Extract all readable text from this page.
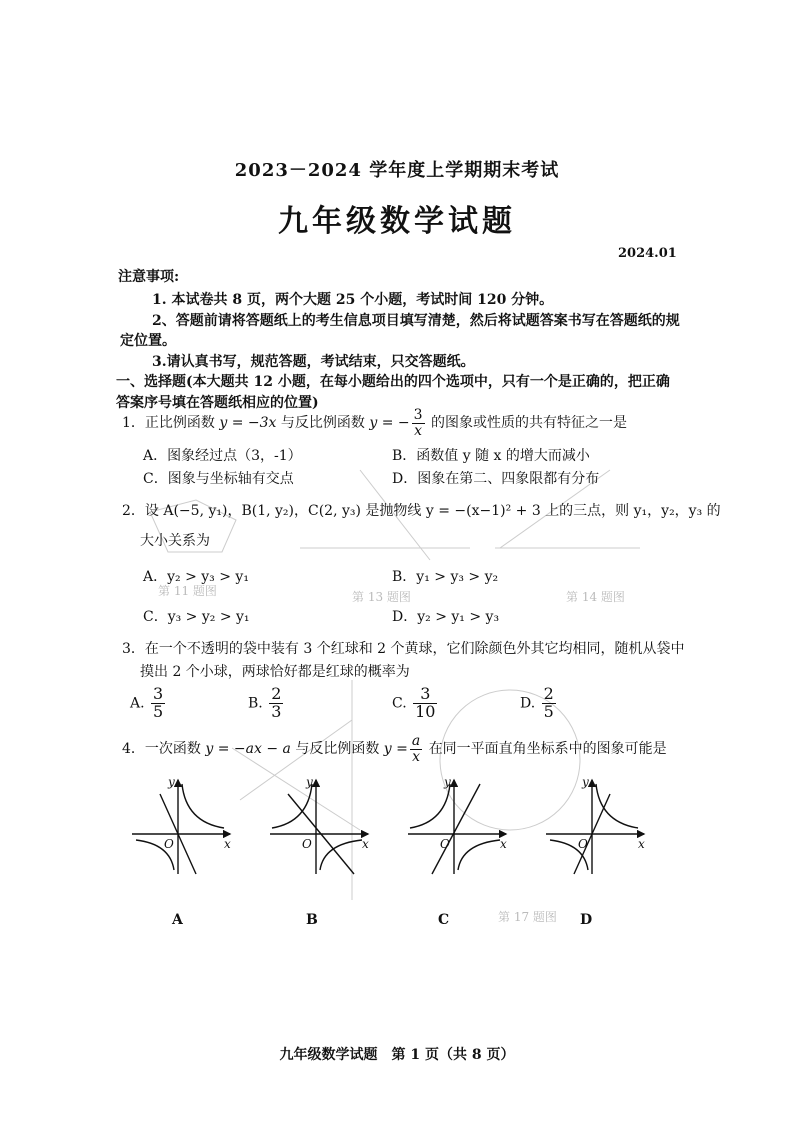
第 11 题图	第 13 题图	第 14 题图
第 17 题图
2023－2024 学年度上学期期末考试
九年级数学试题
2024.01
注意事项:
1. 本试卷共 8 页，两个大题 25 个小题，考试时间 120 分钟。
2、答题前请将答题纸上的考生信息项目填写清楚，然后将试题答案书写在答题纸的规
定位置。
3.请认真书写，规范答题，考试结束，只交答题纸。
一、选择题(本大题共 12 小题，在每小题给出的四个选项中，只有一个是正确的，把正确
答案序号填在答题纸相应的位置)
1．正比例函数 y = −3x 与反比例函数 y = − $\frac{3}{x}$ 的图象或性质的共有特征之一是
A．图象经过点（3，-1）	B．函数值 y 随 x 的增大而减小
C．图象与坐标轴有交点	D．图象在第二、四象限都有分布
2．设 A(−5, y₁)，B(1, y₂)，C(2, y₃) 是抛物线 y = −(x−1)² + 3 上的三点，则 y₁，y₂，y₃ 的
大小关系为
A．y₂ > y₃ > y₁	B．y₁ > y₃ > y₂
C．y₃ > y₂ > y₁	D．y₂ > y₁ > y₃
3．在一个不透明的袋中装有 3 个红球和 2 个黄球，它们除颜色外其它均相同，随机从袋中
摸出 2 个小球，两球恰好都是红球的概率为
A. $\frac{3}{5}$	B. $\frac{2}{3}$	C. $\frac{3}{10}$	D. $\frac{2}{5}$
4．一次函数 y = −ax − a 与反比例函数 $y = \frac{a}{x}$ 在同一平面直角坐标系中的图象可能是
y
x
O
y
x
O
y
x
O
y
x
O
A	B	C	D
九年级数学试题　第 1 页（共 8 页）
